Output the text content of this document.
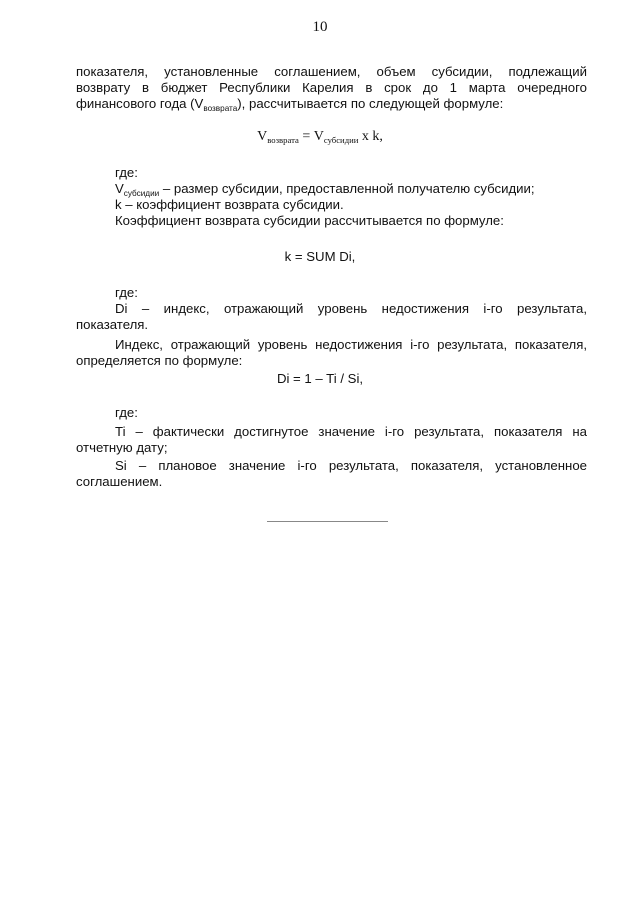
10
показателя, установленные соглашением, объем субсидии, подлежащий
возврату в бюджет Республики Карелия в срок до 1 марта очередного
финансового года $(V_{возврата})$, рассчитывается по следующей формуле:
$V_{возврата} = V_{субсидии}$ x k,
где:
$V_{субсидии}$ – размер субсидии, предоставленной получателю субсидии;
k – коэффициент возврата субсидии.
Коэффициент возврата субсидии рассчитывается по формуле:
k = SUM Di,
где:
Di – индекс, отражающий уровень недостижения i-го результата,
показателя.
Индекс, отражающий уровень недостижения i-го результата, показателя,
определяется по формуле:
Di = 1 – Ti / Si,
где:
Ti – фактически достигнутое значение i-го результата, показателя на
отчетную дату;
Si – плановое значение i-го результата, показателя, установленное
соглашением.
